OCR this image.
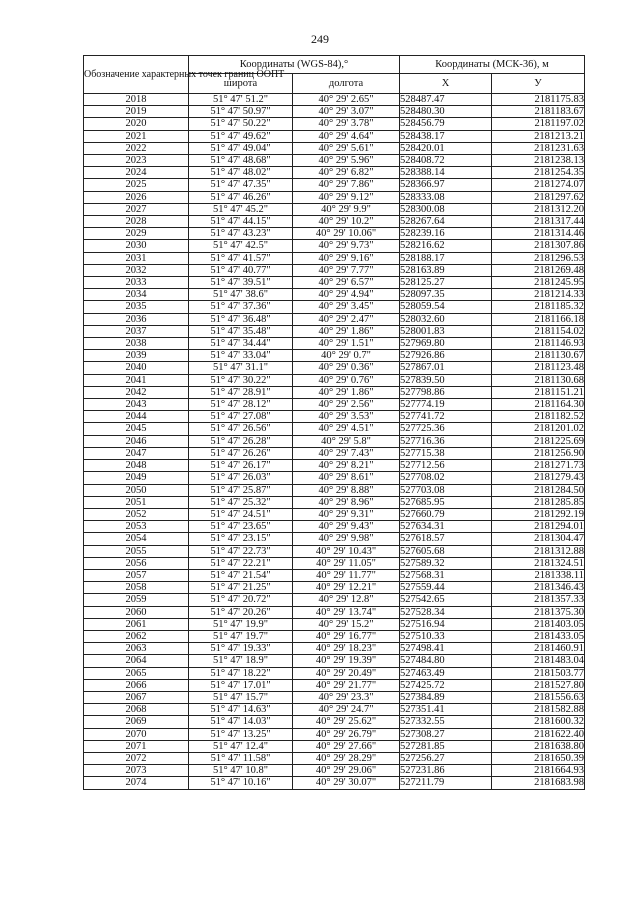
249
Обозначение характерных точек границ ООПТ	Координаты (WGS-84),°		Координаты (МСК-36), м	
	широта	долгота	X	У
2018	51° 47' 51.2"	40° 29' 2.65"	528487.47	2181175.83
2019	51° 47' 50.97"	40° 29' 3.07"	528480.30	2181183.67
2020	51° 47' 50.22"	40° 29' 3.78"	528456.79	2181197.02
2021	51° 47' 49.62"	40° 29' 4.64"	528438.17	2181213.21
2022	51° 47' 49.04"	40° 29' 5.61"	528420.01	2181231.63
2023	51° 47' 48.68"	40° 29' 5.96"	528408.72	2181238.13
2024	51° 47' 48.02"	40° 29' 6.82"	528388.14	2181254.35
2025	51° 47' 47.35"	40° 29' 7.86"	528366.97	2181274.07
2026	51° 47' 46.26"	40° 29' 9.12"	528333.08	2181297.62
2027	51° 47' 45.2"	40° 29' 9.9"	528300.08	2181312.20
2028	51° 47' 44.15"	40° 29' 10.2"	528267.64	2181317.44
2029	51° 47' 43.23"	40° 29' 10.06"	528239.16	2181314.46
2030	51° 47' 42.5"	40° 29' 9.73"	528216.62	2181307.86
2031	51° 47' 41.57"	40° 29' 9.16"	528188.17	2181296.53
2032	51° 47' 40.77"	40° 29' 7.77"	528163.89	2181269.48
2033	51° 47' 39.51"	40° 29' 6.57"	528125.27	2181245.95
2034	51° 47' 38.6"	40° 29' 4.94"	528097.35	2181214.33
2035	51° 47' 37.36"	40° 29' 3.45"	528059.54	2181185.32
2036	51° 47' 36.48"	40° 29' 2.47"	528032.60	2181166.18
2037	51° 47' 35.48"	40° 29' 1.86"	528001.83	2181154.02
2038	51° 47' 34.44"	40° 29' 1.51"	527969.80	2181146.93
2039	51° 47' 33.04"	40° 29' 0.7"	527926.86	2181130.67
2040	51° 47' 31.1"	40° 29' 0.36"	527867.01	2181123.48
2041	51° 47' 30.22"	40° 29' 0.76"	527839.50	2181130.68
2042	51° 47' 28.91"	40° 29' 1.86"	527798.86	2181151.21
2043	51° 47' 28.12"	40° 29' 2.56"	527774.19	2181164.30
2044	51° 47' 27.08"	40° 29' 3.53"	527741.72	2181182.52
2045	51° 47' 26.56"	40° 29' 4.51"	527725.36	2181201.02
2046	51° 47' 26.28"	40° 29' 5.8"	527716.36	2181225.69
2047	51° 47' 26.26"	40° 29' 7.43"	527715.38	2181256.90
2048	51° 47' 26.17"	40° 29' 8.21"	527712.56	2181271.73
2049	51° 47' 26.03"	40° 29' 8.61"	527708.02	2181279.43
2050	51° 47' 25.87"	40° 29' 8.88"	527703.08	2181284.50
2051	51° 47' 25.32"	40° 29' 8.96"	527685.95	2181285.85
2052	51° 47' 24.51"	40° 29' 9.31"	527660.79	2181292.19
2053	51° 47' 23.65"	40° 29' 9.43"	527634.31	2181294.01
2054	51° 47' 23.15"	40° 29' 9.98"	527618.57	2181304.47
2055	51° 47' 22.73"	40° 29' 10.43"	527605.68	2181312.88
2056	51° 47' 22.21"	40° 29' 11.05"	527589.32	2181324.51
2057	51° 47' 21.54"	40° 29' 11.77"	527568.31	2181338.11
2058	51° 47' 21.25"	40° 29' 12.21"	527559.44	2181346.43
2059	51° 47' 20.72"	40° 29' 12.8"	527542.65	2181357.33
2060	51° 47' 20.26"	40° 29' 13.74"	527528.34	2181375.30
2061	51° 47' 19.9"	40° 29' 15.2"	527516.94	2181403.05
2062	51° 47' 19.7"	40° 29' 16.77"	527510.33	2181433.05
2063	51° 47' 19.33"	40° 29' 18.23"	527498.41	2181460.91
2064	51° 47' 18.9"	40° 29' 19.39"	527484.80	2181483.04
2065	51° 47' 18.22"	40° 29' 20.49"	527463.49	2181503.77
2066	51° 47' 17.01"	40° 29' 21.77"	527425.72	2181527.80
2067	51° 47' 15.7"	40° 29' 23.3"	527384.89	2181556.63
2068	51° 47' 14.63"	40° 29' 24.7"	527351.41	2181582.88
2069	51° 47' 14.03"	40° 29' 25.62"	527332.55	2181600.32
2070	51° 47' 13.25"	40° 29' 26.79"	527308.27	2181622.40
2071	51° 47' 12.4"	40° 29' 27.66"	527281.85	2181638.80
2072	51° 47' 11.58"	40° 29' 28.29"	527256.27	2181650.39
2073	51° 47' 10.8"	40° 29' 29.06"	527231.86	2181664.93
2074	51° 47' 10.16"	40° 29' 30.07"	527211.79	2181683.98
